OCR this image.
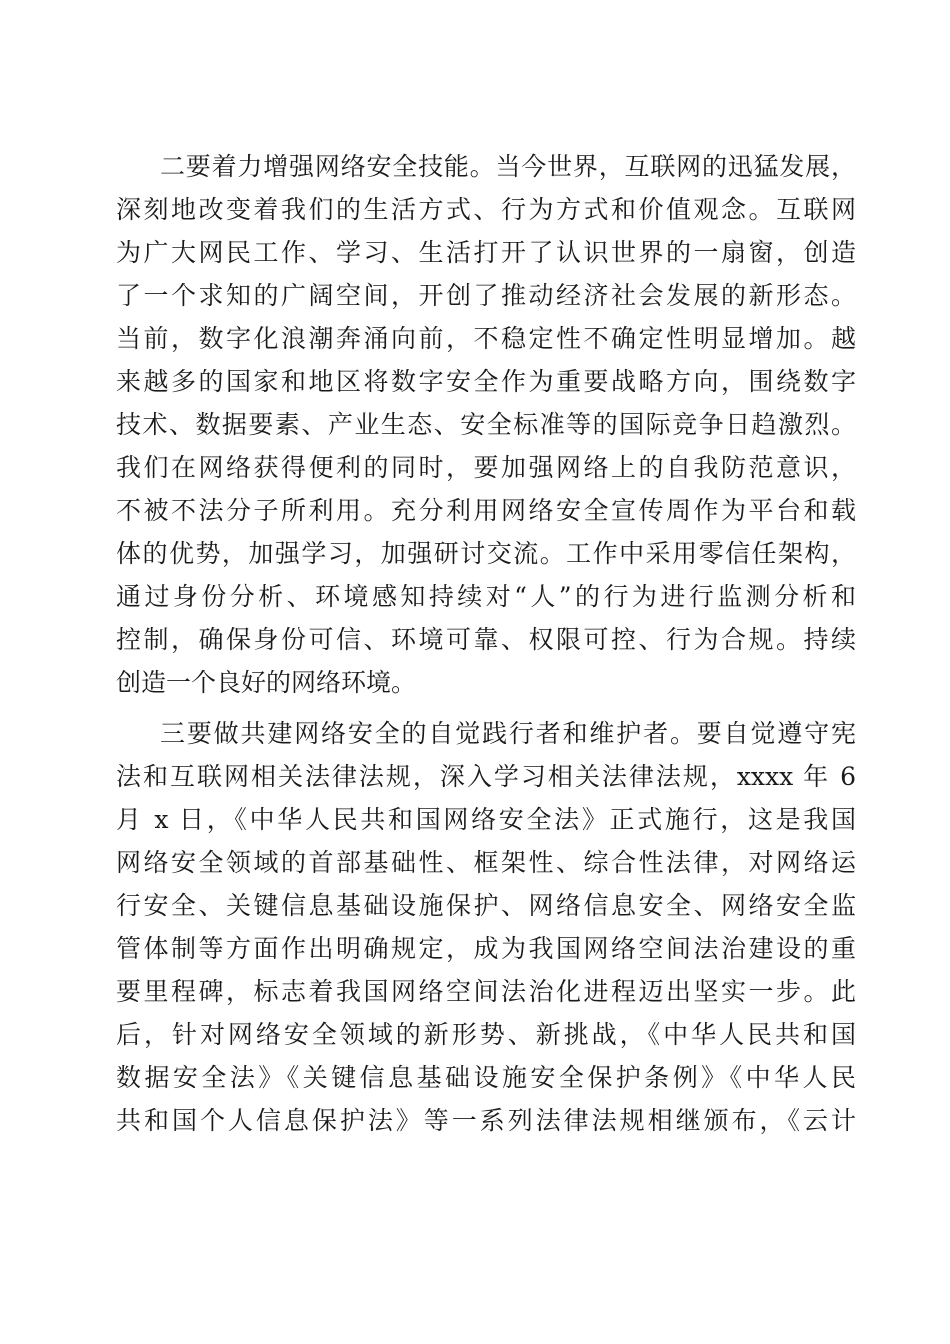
二要着力增强网络安全技能。当今世界，互联网的迅猛发展，
深刻地改变着我们的生活方式、行为方式和价值观念。互联网
为广大网民工作、学习、生活打开了认识世界的一扇窗，创造
了一个求知的广阔空间，开创了推动经济社会发展的新形态。
当前，数字化浪潮奔涌向前，不稳定性不确定性明显增加。越
来越多的国家和地区将数字安全作为重要战略方向，围绕数字
技术、数据要素、产业生态、安全标准等的国际竞争日趋激烈。
我们在网络获得便利的同时，要加强网络上的自我防范意识，
不被不法分子所利用。充分利用网络安全宣传周作为平台和载
体的优势，加强学习，加强研讨交流。工作中采用零信任架构，
通过身份分析、环境感知持续对“人”的行为进行监测分析和
控制，确保身份可信、环境可靠、权限可控、行为合规。持续
创造一个良好的网络环境。
三要做共建网络安全的自觉践行者和维护者。要自觉遵守宪
法和互联网相关法律法规，深入学习相关法律法规，xxxx 年 6
月 x 日，《中华人民共和国网络安全法》正式施行，这是我国
网络安全领域的首部基础性、框架性、综合性法律，对网络运
行安全、关键信息基础设施保护、网络信息安全、网络安全监
管体制等方面作出明确规定，成为我国网络空间法治建设的重
要里程碑，标志着我国网络空间法治化进程迈出坚实一步。此
后，针对网络安全领域的新形势、新挑战，《中华人民共和国
数据安全法》《关键信息基础设施安全保护条例》《中华人民
共和国个人信息保护法》等一系列法律法规相继颁布，《云计
